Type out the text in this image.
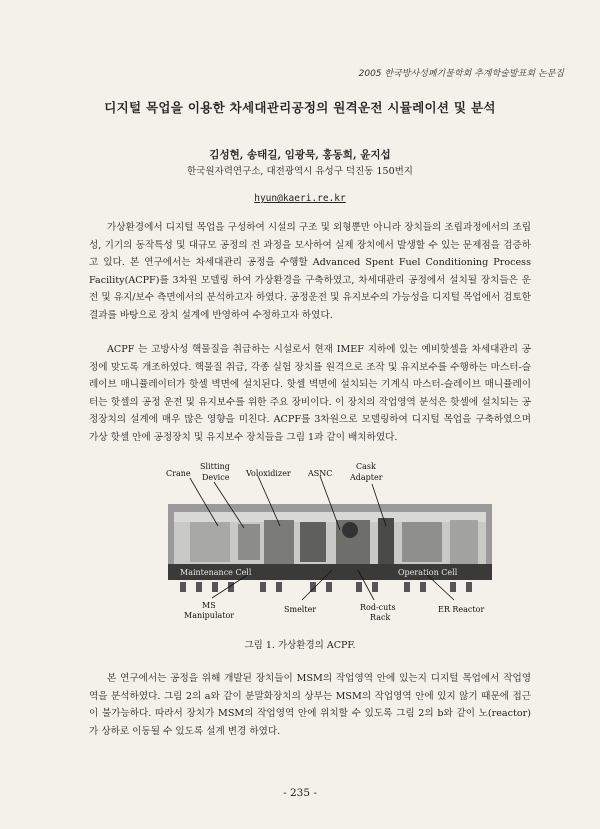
2005 한국방사성폐기물학회 추계학술발표회 논문집
디지털 목업을 이용한 차세대관리공정의 원격운전 시뮬레이션 및 분석
김성현, 송태길, 임광묵, 홍동희, 윤지섭
한국원자력연구소, 대전광역시 유성구 덕진동 150번지
hyun@kaeri.re.kr

가상환경에서 디지털 목업을 구성하여 시설의 구조 및 외형뿐만 아니라 장치들의 조립과정에서의 조립성, 기기의 동작특성 및 대규모 공정의 전 과정을 모사하여 실제 장치에서 발생할 수 있는 문제점을 검증하고 있다. 본 연구에서는 차세대관리 공정을 수행할 Advanced Spent Fuel Conditioning Process Facility(ACPF)를 3차원 모델링 하여 가상환경을 구축하였고, 차세대관리 공정에서 설치될 장치들은 운전 및 유지/보수 측면에서의 분석하고자 하였다. 공정운전 및 유지보수의 가능성을 디지털 목업에서 검토한 결과를 바탕으로 장치 설계에 반영하여 수정하고자 하였다.

ACPF 는 고방사성 핵물질을 취급하는 시설로서 현재 IMEF 지하에 있는 예비핫셀을 차세대관리 공정에 맞도록 개조하였다. 핵물질 취급, 각종 실험 장치를 원격으로 조작 및 유지보수를 수행하는 마스터-슬레이브 매니퓰레이터가 핫셀 벽면에 설치된다. 핫셀 벽면에 설치되는 기계식 마스터-슬레이브 매니퓰레이터는 핫셀의 공정 운전 및 유지보수를 위한 주요 장비이다. 이 장치의 작업영역 분석은 핫셀에 설치되는 공정장치의 설계에 매우 많은 영향을 미친다. ACPF를 3차원으로 모델링하여 디지털 목업을 구축하였으며 가상 핫셀 안에 공정장치 및 유지보수 장치들을 그림 1과 같이 배치하였다.

Crane
Slitting
Device Voloxidizer ASNC
Cask
Adapter
Maintenance Cell	Operation Cell
MS
Manipulator
Smelter	Rod-cuts
Rack
ER Reactor
그림 1. 가상환경의 ACPF.

본 연구에서는 공정을 위해 개발된 장치들이 MSM의 작업영역 안에 있는지 디지털 목업에서 작업영역을 분석하였다. 그림 2의 a와 같이 분말화장치의 상부는 MSM의 작업영역 안에 있지 않기 때문에 접근이 불가능하다. 따라서 장치가 MSM의 작업영역 안에 위치할 수 있도록 그림 2의 b와 같이 노(reactor)가 상하로 이동될 수 있도록 설계 변경 하였다.

- 235 -
